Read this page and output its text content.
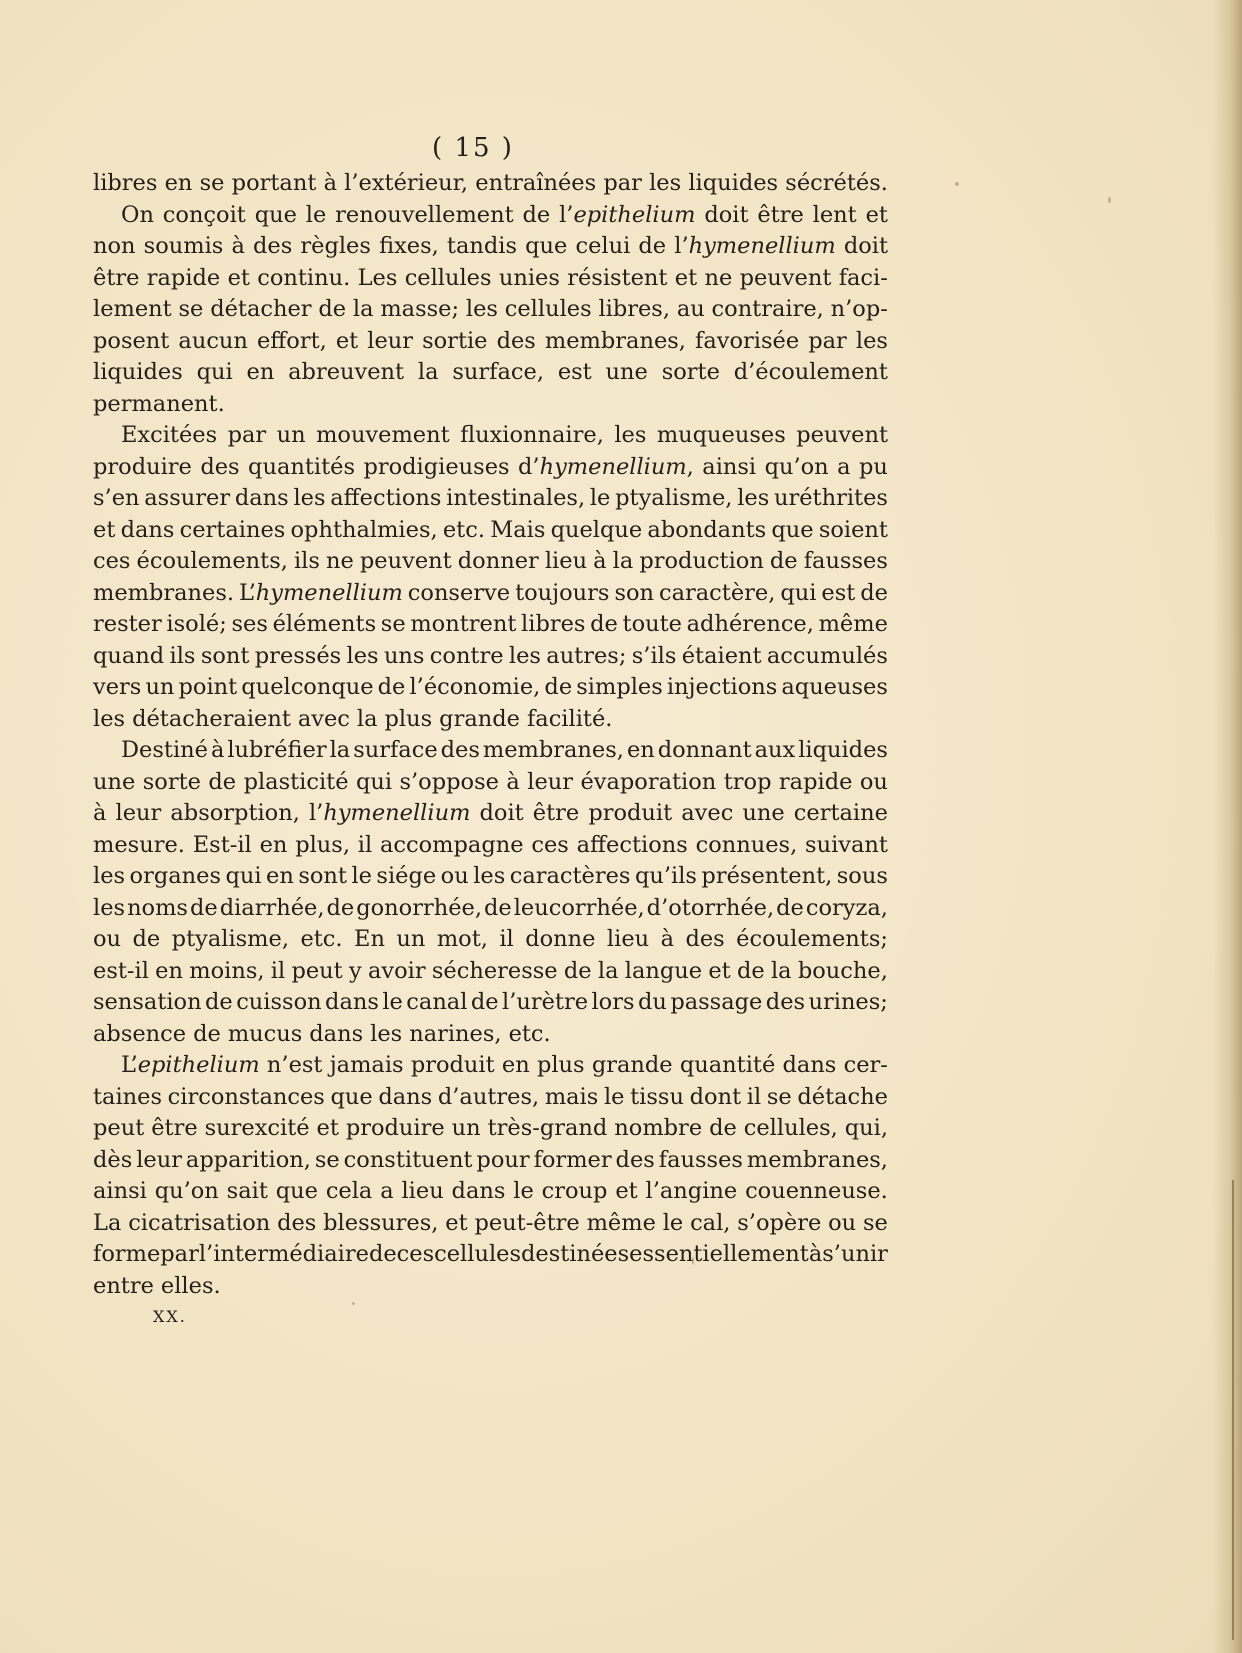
( 15 )
libres en se portant à l’extérieur, entraînées par les liquides sécrétés.
On conçoit que le renouvellement de l’epithelium doit être lent et
non soumis à des règles fixes, tandis que celui de l’hymenellium doit
être rapide et continu. Les cellules unies résistent et ne peuvent faci-
lement se détacher de la masse; les cellules libres, au contraire, n’op-
posent aucun effort, et leur sortie des membranes, favorisée par les
liquides qui en abreuvent la surface, est une sorte d’écoulement
permanent.
Excitées par un mouvement fluxionnaire, les muqueuses peuvent
produire des quantités prodigieuses d’hymenellium, ainsi qu’on a pu
s’en assurer dans les affections intestinales, le ptyalisme, les uréthrites
et dans certaines ophthalmies, etc. Mais quelque abondants que soient
ces écoulements, ils ne peuvent donner lieu à la production de fausses
membranes. L’hymenellium conserve toujours son caractère, qui est de
rester isolé; ses éléments se montrent libres de toute adhérence, même
quand ils sont pressés les uns contre les autres; s’ils étaient accumulés
vers un point quelconque de l’économie, de simples injections aqueuses
les détacheraient avec la plus grande facilité.
Destiné à lubréfier la surface des membranes, en donnant aux liquides
une sorte de plasticité qui s’oppose à leur évaporation trop rapide ou
à leur absorption, l’hymenellium doit être produit avec une certaine
mesure. Est-il en plus, il accompagne ces affections connues, suivant
les organes qui en sont le siége ou les caractères qu’ils présentent, sous
les noms de diarrhée, de gonorrhée, de leucorrhée, d’otorrhée, de coryza,
ou de ptyalisme, etc. En un mot, il donne lieu à des écoulements;
est-il en moins, il peut y avoir sécheresse de la langue et de la bouche,
sensation de cuisson dans le canal de l’urètre lors du passage des urines;
absence de mucus dans les narines, etc.
L’epithelium n’est jamais produit en plus grande quantité dans cer-
taines circonstances que dans d’autres, mais le tissu dont il se détache
peut être surexcité et produire un très-grand nombre de cellules, qui,
dès leur apparition, se constituent pour former des fausses membranes,
ainsi qu’on sait que cela a lieu dans le croup et l’angine couenneuse.
La cicatrisation des blessures, et peut-être même le cal, s’opère ou se
forme par l’intermédiaire de ces cellules destinées essentiellement à s’unir
entre elles.
XX.
